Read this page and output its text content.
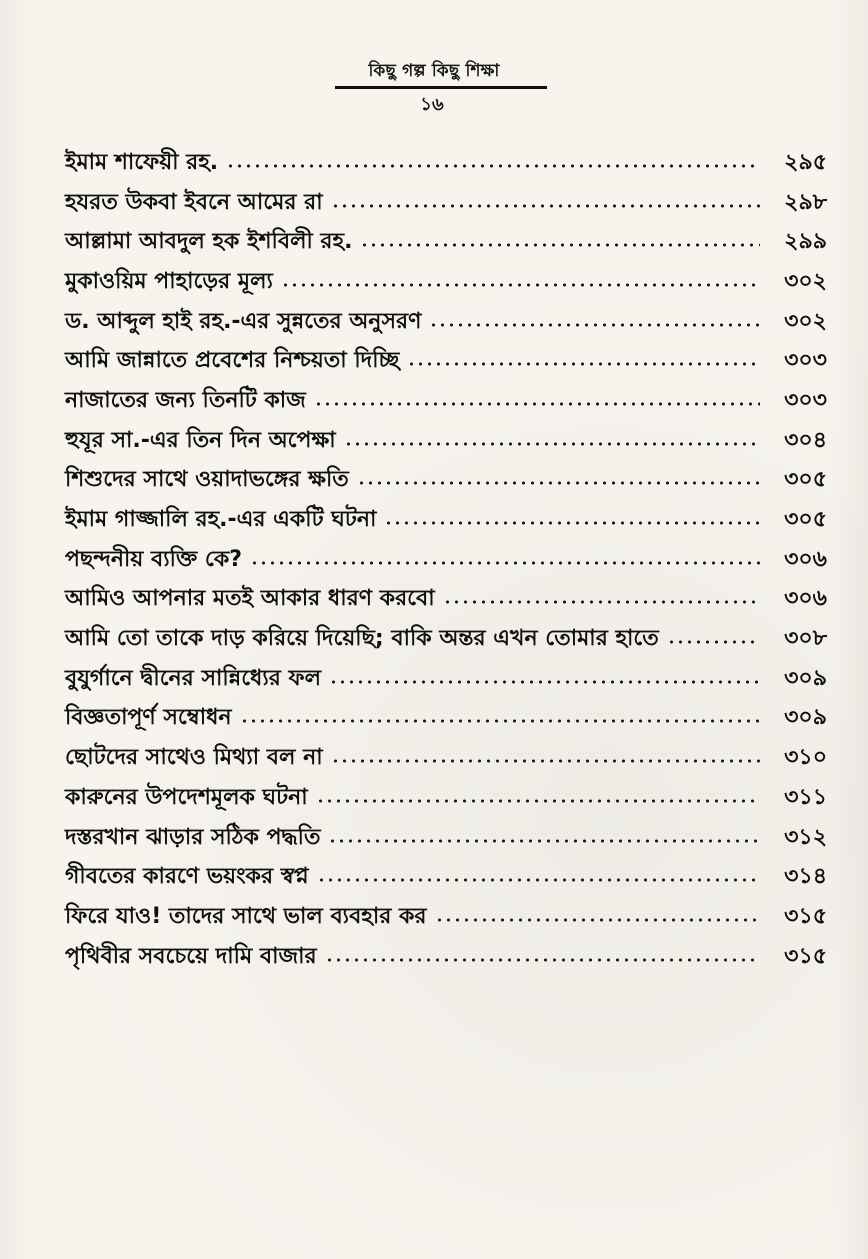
কিছু গল্প কিছু শিক্ষা
১৬
ইমাম শাফেয়ী রহ.	২৯৫
হযরত উকবা ইবনে আমের রা	২৯৮
আল্লামা আবদুল হক ইশবিলী রহ.	২৯৯
মুকাওয়িম পাহাড়ের মূল্য	৩০২
ড. আব্দুল হাই রহ.-এর সুন্নতের অনুসরণ	৩০২
আমি জান্নাতে প্রবেশের নিশ্চয়তা দিচ্ছি	৩০৩
নাজাতের জন্য তিনটি কাজ	৩০৩
হুযূর সা.-এর তিন দিন অপেক্ষা	৩০৪
শিশুদের সাথে ওয়াদাভঙ্গের ক্ষতি	৩০৫
ইমাম গাজ্জালি রহ.-এর একটি ঘটনা	৩০৫
পছন্দনীয় ব্যক্তি কে?	৩০৬
আমিও আপনার মতই আকার ধারণ করবো	৩০৬
আমি তো তাকে দাড় করিয়ে দিয়েছি; বাকি অন্তর এখন তোমার হাতে	৩০৮
বুযুর্গানে দ্বীনের সান্নিধ্যের ফল	৩০৯
বিজ্ঞতাপূর্ণ সম্বোধন	৩০৯
ছোটদের সাথেও মিথ্যা বল না	৩১০
কারুনের উপদেশমূলক ঘটনা	৩১১
দস্তরখান ঝাড়ার সঠিক পদ্ধতি	৩১২
গীবতের কারণে ভয়ংকর স্বপ্ন	৩১৪
ফিরে যাও! তাদের সাথে ভাল ব্যবহার কর	৩১৫
পৃথিবীর সবচেয়ে দামি বাজার	৩১৫
